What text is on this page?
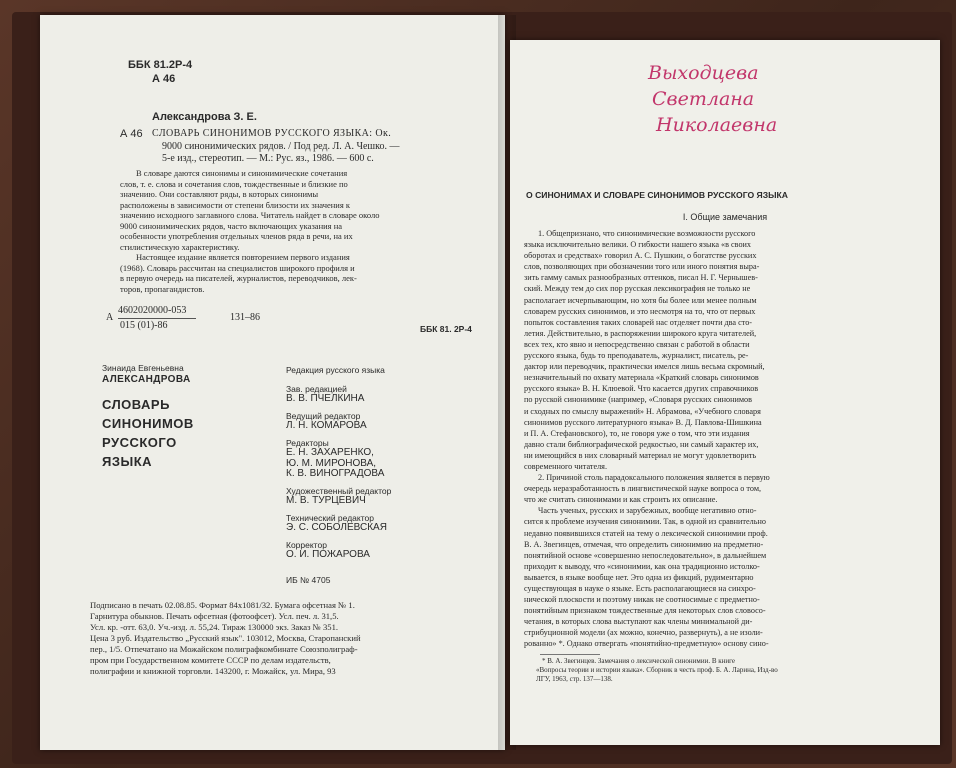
ББК 81.2Р-4
А 46
Александрова З. Е.
А 46 СЛОВАРЬ СИНОНИМОВ РУССКОГО ЯЗЫКА: Ок.
9000 синонимических рядов. / Под ред. Л. А. Чешко. —
5-е изд., стереотип. — М.: Рус. яз., 1986. — 600 с.
В словаре даются синонимы и синонимические сочетания
слов, т. е. слова и сочетания слов, тождественные и близкие по
значению. Они составляют ряды, в которых синонимы
расположены в зависимости от степени близости их значения к
значению исходного заглавного слова. Читатель найдет в словаре около
9000 синонимических рядов, часто включающих указания на
особенности употребления отдельных членов ряда в речи, на их
стилистическую характеристику.
Настоящее издание является повторением первого издания
(1968). Словарь рассчитан на специалистов широкого профиля и
в первую очередь на писателей, журналистов, переводчиков, лек-
торов, пропагандистов.
А
4602020000-053
015 (01)-86
131–86
ББК 81. 2Р-4
Зинаида Евгеньевна
АЛЕКСАНДРОВА
СЛОВАРЬ
СИНОНИМОВ
РУССКОГО
ЯЗЫКА
Редакция русского языка
Зав. редакцией
В. В. ПЧЕЛКИНА
Ведущий редактор
Л. Н. КОМАРОВА
Редакторы
Е. Н. ЗАХАРЕНКО,
Ю. М. МИРОНОВА,
К. В. ВИНОГРАДОВА
Художественный редактор
М. В. ТУРЦЕВИЧ
Технический редактор
Э. С. СОБОЛЕВСКАЯ
Корректор
О. И. ПОЖАРОВА
ИБ № 4705
Подписано в печать 02.08.85. Формат 84х1081/32. Бумага офсетная № 1.
Гарнитура обыкнов. Печать офсетная (фотоофсет). Усл. печ. л. 31,5.
Усл. кр. -отт. 63,0. Уч.-изд. л. 55,24. Тираж 130000 экз. Заказ № 351.
Цена 3 руб. Издательство „Русский язык". 103012, Москва, Старопанский
пер., 1/5. Отпечатано на Можайском полиграфкомбинате Союзполиграф-
пром при Государственном комитете СССР по делам издательств,
полиграфии и книжной торговли. 143200, г. Можайск, ул. Мира, 93
Выходцева
Светлана
Николаевна
О СИНОНИМАХ И СЛОВАРЕ СИНОНИМОВ РУССКОГО ЯЗЫКА
I. Общие замечания
1. Общепризнано, что синонимические возможности русского
языка исключительно велики. О гибкости нашего языка «в своих
оборотах и средствах» говорил А. С. Пушкин, о богатстве русских
слов, позволяющих при обозначении того или иного понятия выра-
зить гамму самых разнообразных оттенков, писал Н. Г. Чернышев-
ский. Между тем до сих пор русская лексикография не только не
располагает исчерпывающим, но хотя бы более или менее полным
словарем русских синонимов, и это несмотря на то, что от первых
попыток составления таких словарей нас отделяет почти два сто-
летия. Действительно, в распоряжении широкого круга читателей,
всех тех, кто явно и непосредственно связан с работой в области
русского языка, будь то преподаватель, журналист, писатель, ре-
дактор или переводчик, практически имелся лишь весьма скромный,
незначительный по охвату материала «Краткий словарь синонимов
русского языка» В. Н. Клюевой. Что касается других справочников
по русской синонимике (например, «Словаря русских синонимов
и сходных по смыслу выражений» Н. Абрамова, «Учебного словаря
синонимов русского литературного языка» В. Д. Павлова-Шишкина
и П. А. Стефановского), то, не говоря уже о том, что эти издания
давно стали библиографической редкостью, ни самый характер их,
ни имеющийся в них словарный материал не могут удовлетворить
современного читателя.
2. Причиной столь парадоксального положения является в первую
очередь неразработанность в лингвистической науке вопроса о том,
что же считать синонимами и как строить их описание.
Часть ученых, русских и зарубежных, вообще негативно отно-
сится к проблеме изучения синонимии. Так, в одной из сравнительно
недавно появившихся статей на тему о лексической синонимии проф.
В. А. Звегинцев, отмечая, что определить синонимию на предметно-
понятийной основе «совершенно непоследовательно», в дальнейшем
приходит к выводу, что «синонимии, как она традиционно истолко-
вывается, в языке вообще нет. Это одна из фикций, рудиментарно
существующая в науке о языке. Есть располагающиеся на синхро-
нической плоскости и поэтому никак не соотносимые с предметно-
понятийным признаком тождественные для некоторых слов словосо-
четания, в которых слова выступают как члены минимальной ди-
стрибуционной модели (ах можно, конечно, развернуть), а не изоли-
рованно» *. Однако отвергать «понятийно-предметную» основу сино-
* В. А. Звегинцев. Замечания о лексической синонимии. В книге
«Вопросы теории и истории языка». Сборник в честь проф. Б. А. Ларина, Изд-во
ЛГУ, 1963, стр. 137—138.
